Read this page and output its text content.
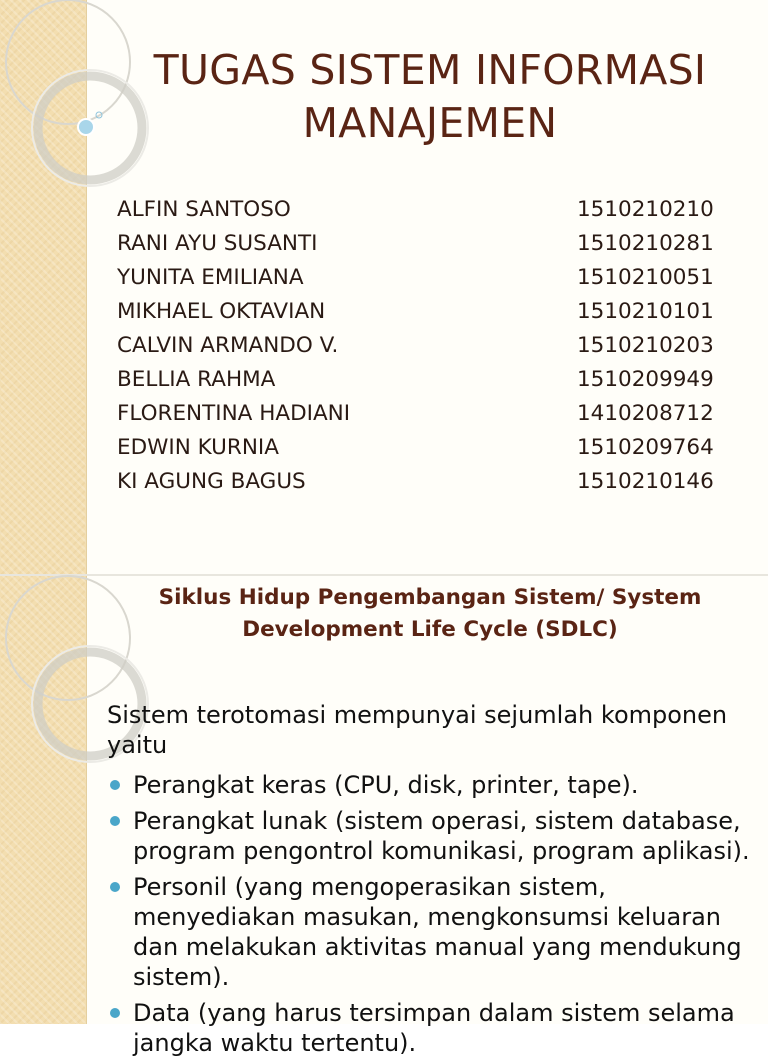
TUGAS SISTEM INFORMASI MANAJEMEN
ALFIN SANTOSO	1510210210
RANI AYU SUSANTI	1510210281
YUNITA EMILIANA	1510210051
MIKHAEL OKTAVIAN	1510210101
CALVIN ARMANDO V.	1510210203
BELLIA RAHMA	1510209949
FLORENTINA HADIANI	1410208712
EDWIN KURNIA	1510209764
KI AGUNG BAGUS	1510210146
Siklus Hidup Pengembangan Sistem/ System Development Life Cycle (SDLC)
Sistem terotomasi mempunyai sejumlah komponen yaitu
Perangkat keras (CPU, disk, printer, tape).
Perangkat lunak (sistem operasi, sistem database, program pengontrol komunikasi, program aplikasi).
Personil (yang mengoperasikan sistem, menyediakan masukan, mengkonsumsi keluaran dan melakukan aktivitas manual yang mendukung sistem).
Data (yang harus tersimpan dalam sistem selama jangka waktu tertentu).
